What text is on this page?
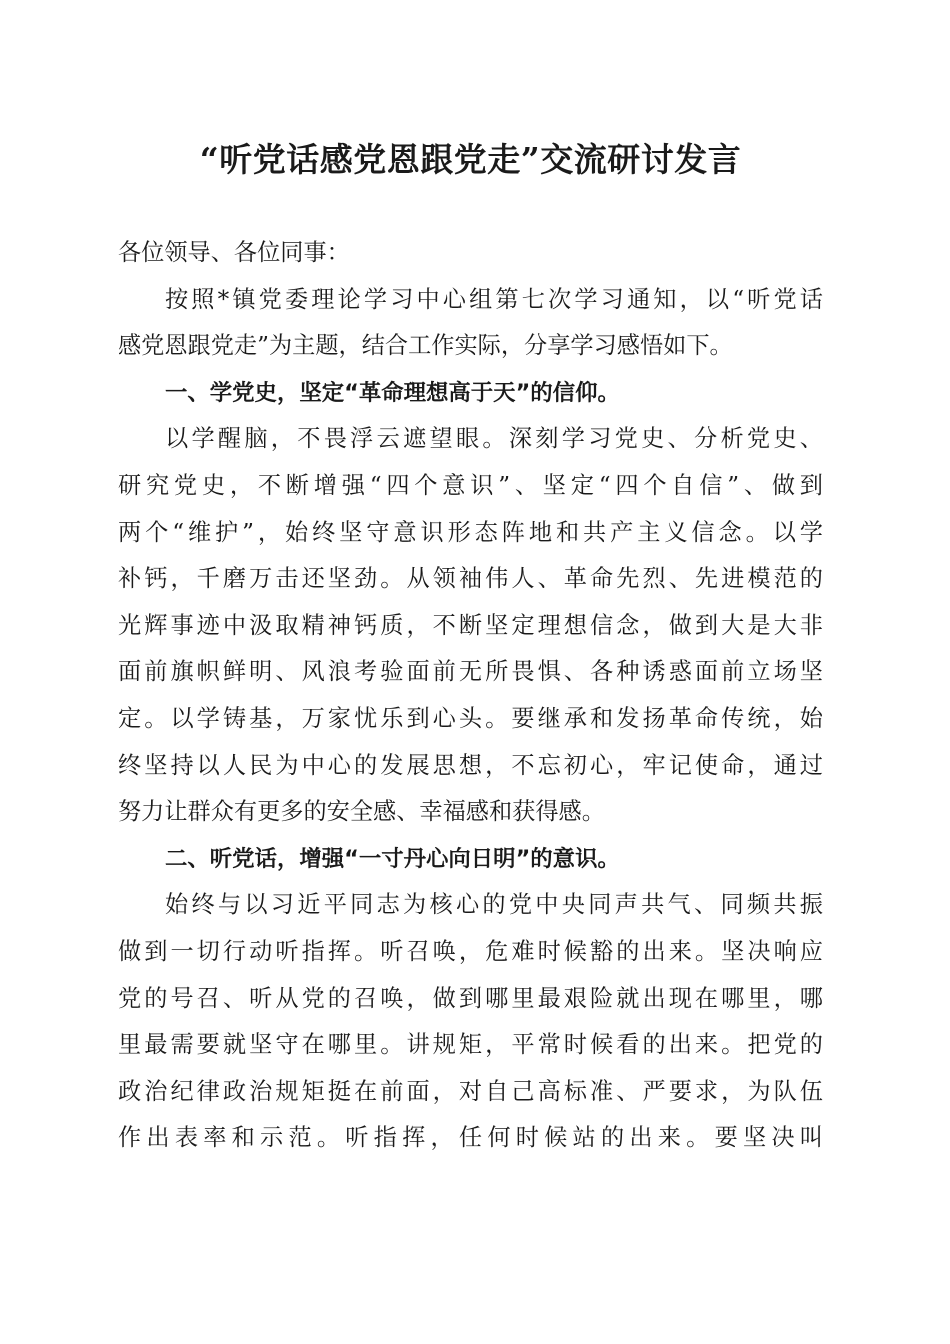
“听党话感党恩跟党走”交流研讨发言
各位领导、各位同事：
按照*镇党委理论学习中心组第七次学习通知，以“听党话
感党恩跟党走”为主题，结合工作实际，分享学习感悟如下。
一、学党史，坚定“革命理想高于天”的信仰。
以学醒脑，不畏浮云遮望眼。深刻学习党史、分析党史、
研究党史，不断增强“四个意识”、坚定“四个自信”、做到
两个“维护”，始终坚守意识形态阵地和共产主义信念。以学
补钙，千磨万击还坚劲。从领袖伟人、革命先烈、先进模范的
光辉事迹中汲取精神钙质，不断坚定理想信念，做到大是大非
面前旗帜鲜明、风浪考验面前无所畏惧、各种诱惑面前立场坚
定。以学铸基，万家忧乐到心头。要继承和发扬革命传统，始
终坚持以人民为中心的发展思想，不忘初心，牢记使命，通过
努力让群众有更多的安全感、幸福感和获得感。
二、听党话，增强“一寸丹心向日明”的意识。
始终与以习近平同志为核心的党中央同声共气、同频共振
做到一切行动听指挥。听召唤，危难时候豁的出来。坚决响应
党的号召、听从党的召唤，做到哪里最艰险就出现在哪里，哪
里最需要就坚守在哪里。讲规矩，平常时候看的出来。把党的
政治纪律政治规矩挺在前面，对自己高标准、严要求，为队伍
作出表率和示范。听指挥，任何时候站的出来。要坚决叫
